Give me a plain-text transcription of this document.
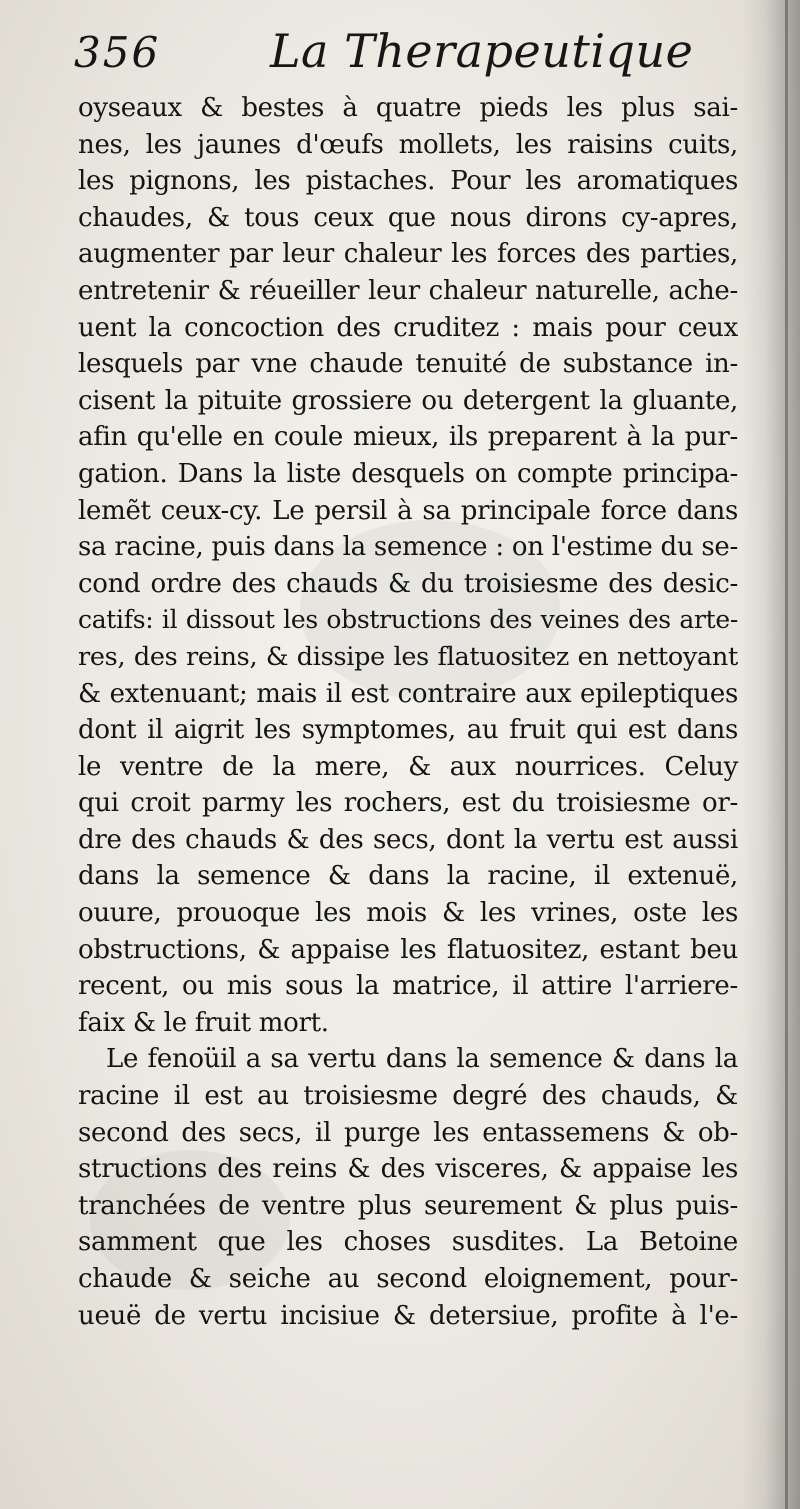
356 La Therapeutique
oyseaux & bestes à quatre pieds les plus sai-
nes, les jaunes d'œufs mollets, les raisins cuits,
les pignons, les pistaches. Pour les aromatiques
chaudes, & tous ceux que nous dirons cy-apres,
augmenter par leur chaleur les forces des parties,
entretenir & réueiller leur chaleur naturelle, ache-
uent la concoction des cruditez : mais pour ceux
lesquels par vne chaude tenuité de substance in-
cisent la pituite grossiere ou detergent la gluante,
afin qu'elle en coule mieux, ils preparent à la pur-
gation. Dans la liste desquels on compte principa-
lemẽt ceux-cy. Le persil à sa principale force dans
sa racine, puis dans la semence : on l'estime du se-
cond ordre des chauds & du troisiesme des desic-
catifs: il dissout les obstructions des veines des arte-
res, des reins, & dissipe les flatuositez en nettoyant
& extenuant; mais il est contraire aux epileptiques
dont il aigrit les symptomes, au fruit qui est dans
le ventre de la mere, & aux nourrices. Celuy
qui croit parmy les rochers, est du troisiesme or-
dre des chauds & des secs, dont la vertu est aussi
dans la semence & dans la racine, il extenuë,
ouure, prouoque les mois & les vrines, oste les
obstructions, & appaise les flatuositez, estant beu
recent, ou mis sous la matrice, il attire l'arriere-
faix & le fruit mort.
Le fenoüil a sa vertu dans la semence & dans la
racine il est au troisiesme degré des chauds, &
second des secs, il purge les entassemens & ob-
structions des reins & des visceres, & appaise les
tranchées de ventre plus seurement & plus puis-
samment que les choses susdites. La Betoine
chaude & seiche au second eloignement, pour-
ueuë de vertu incisiue & detersiue, profite à l'e-
